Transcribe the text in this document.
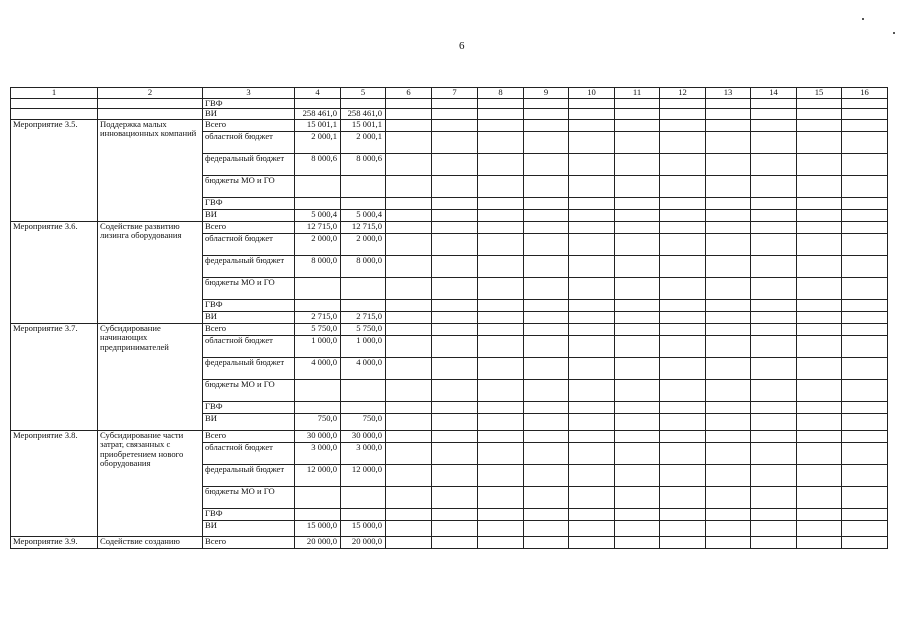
6
1	2	3	4	5	6	7	8	9	10	11	12	13	14	15	16
		ГВФ													
		ВИ	258 461,0	258 461,0											
Мероприятие 3.5.	Поддержка малых инновационных компаний	Всего	15 001,1	15 001,1											
		областной бюджет	2 000,1	2 000,1											
		федеральный бюджет	8 000,6	8 000,6											
		бюджеты МО и ГО													
		ГВФ													
		ВИ	5 000,4	5 000,4											
Мероприятие 3.6.	Содействие развитию лизинга оборудования	Всего	12 715,0	12 715,0											
		областной бюджет	2 000,0	2 000,0											
		федеральный бюджет	8 000,0	8 000,0											
		бюджеты МО и ГО													
		ГВФ													
		ВИ	2 715,0	2 715,0											
Мероприятие 3.7.	Субсидирование начинающих предпринимателей	Всего	5 750,0	5 750,0											
		областной бюджет	1 000,0	1 000,0											
		федеральный бюджет	4 000,0	4 000,0											
		бюджеты МО и ГО													
		ГВФ													
		ВИ	750,0	750,0											
Мероприятие 3.8.	Субсидирование части затрат, связанных с приобретением нового оборудования	Всего	30 000,0	30 000,0											
		областной бюджет	3 000,0	3 000,0											
		федеральный бюджет	12 000,0	12 000,0											
		бюджеты МО и ГО													
		ГВФ													
		ВИ	15 000,0	15 000,0											
Мероприятие 3.9.	Содействие созданию	Всего	20 000,0	20 000,0											
